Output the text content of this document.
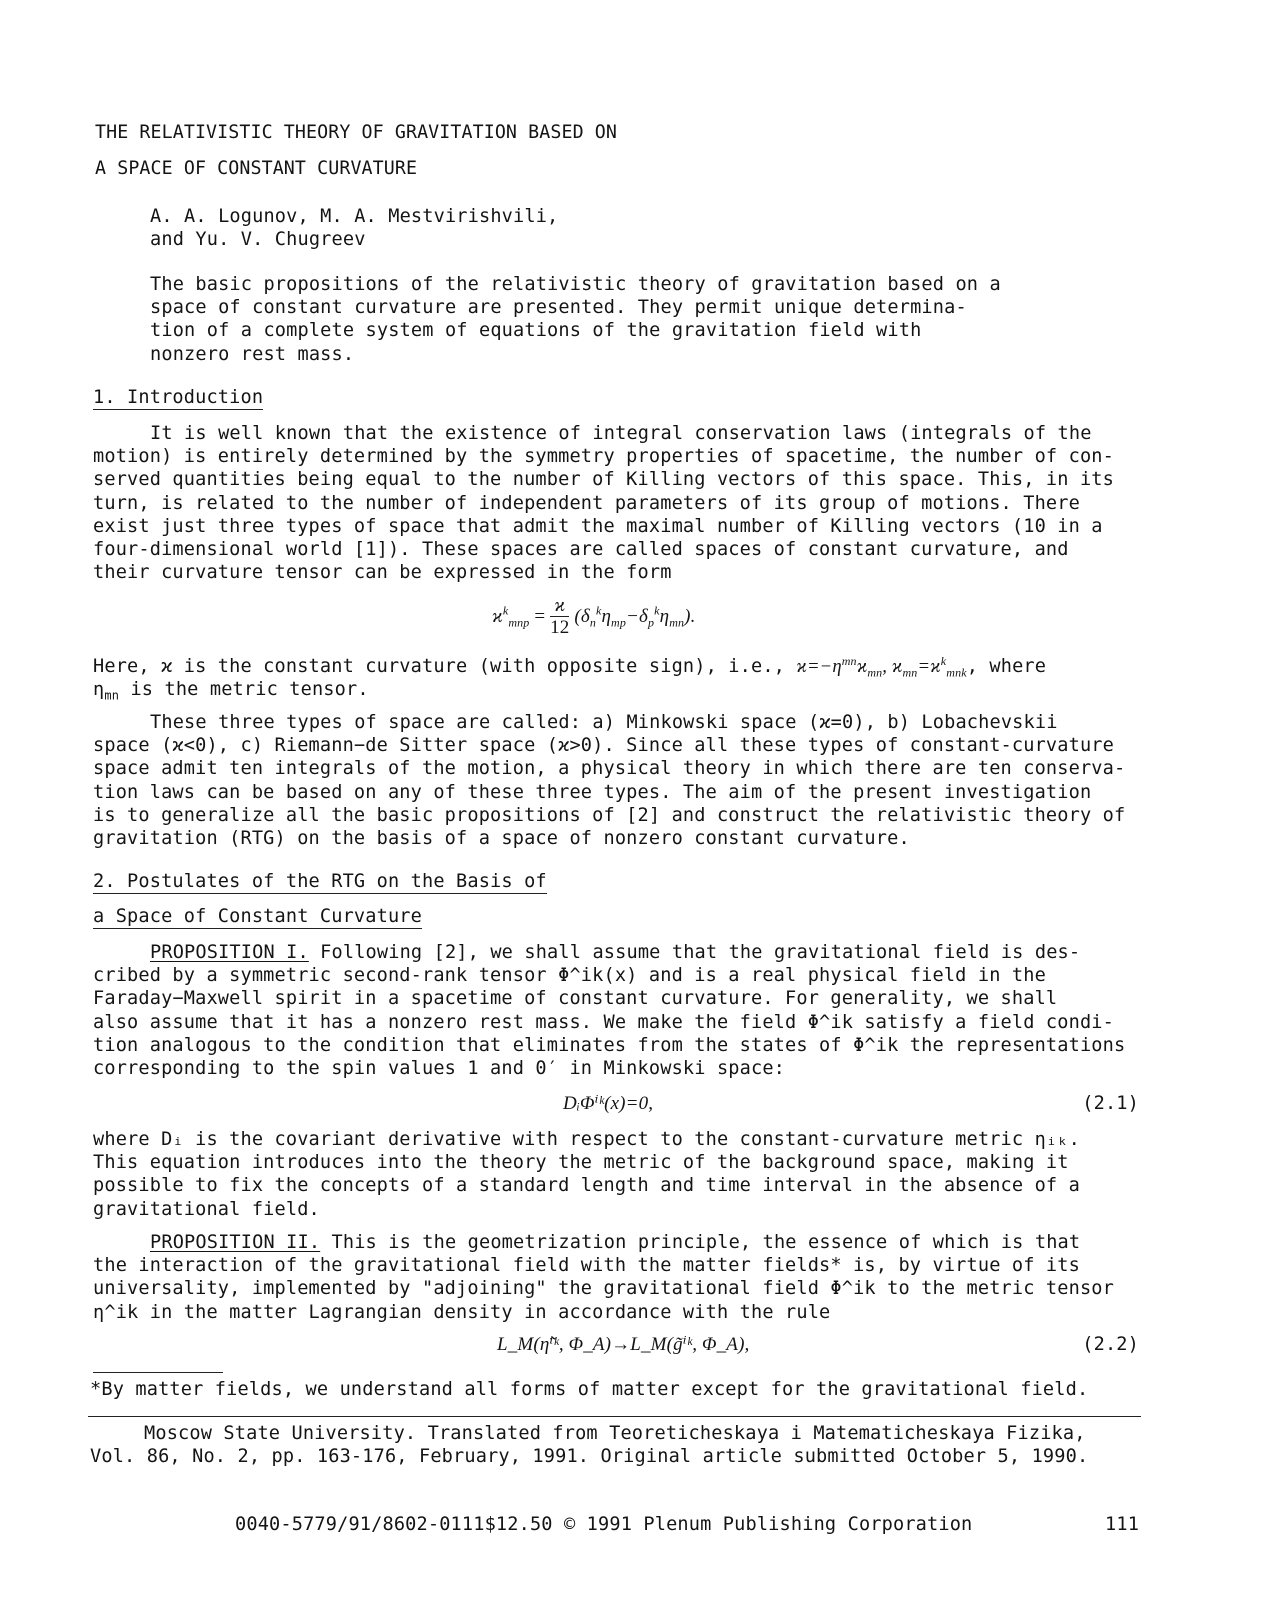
THE RELATIVISTIC THEORY OF GRAVITATION BASED ON
A SPACE OF CONSTANT CURVATURE
A. A. Logunov, M. A. Mestvirishvili,
and Yu. V. Chugreev
The basic propositions of the relativistic theory of gravitation based on a
space of constant curvature are presented. They permit unique determina-
tion of a complete system of equations of the gravitation field with
nonzero rest mass.
1. Introduction
It is well known that the existence of integral conservation laws (integrals of the
motion) is entirely determined by the symmetry properties of spacetime, the number of con-
served quantities being equal to the number of Killing vectors of this space. This, in its
turn, is related to the number of independent parameters of its group of motions. There
exist just three types of space that admit the maximal number of Killing vectors (10 in a
four-dimensional world [1]). These spaces are called spaces of constant curvature, and
their curvature tensor can be expressed in the form
$ϰ^k_{mnp} = \frac{ϰ}{12} (\delta_n^k\eta_{mp}-\delta_p^k\eta_{mn})$.
Here, ϰ is the constant curvature (with opposite sign), i.e., $ϰ=-\eta^{mn}ϰ_{mn}$, $ϰ_{mn}=ϰ^k_{mnk}$, where
$\eta_{mn}$ is the metric tensor.
These three types of space are called: a) Minkowski space (ϰ=0), b) Lobachevskii
space (ϰ<0), c) Riemann−de Sitter space (ϰ>0). Since all these types of constant-curvature
space admit ten integrals of the motion, a physical theory in which there are ten conserva-
tion laws can be based on any of these three types. The aim of the present investigation
is to generalize all the basic propositions of [2] and construct the relativistic theory of
gravitation (RTG) on the basis of a space of nonzero constant curvature.
2. Postulates of the RTG on the Basis of
a Space of Constant Curvature
PROPOSITION I. Following [2], we shall assume that the gravitational field is des-
cribed by a symmetric second-rank tensor Φ^ik(x) and is a real physical field in the
Faraday−Maxwell spirit in a spacetime of constant curvature. For generality, we shall
also assume that it has a nonzero rest mass. We make the field Φ^ik satisfy a field condi-
tion analogous to the condition that eliminates from the states of Φ^ik the representations
corresponding to the spin values 1 and 0′ in Minkowski space:
DᵢΦⁱᵏ(x)=0,	(2.1)
where Dᵢ is the covariant derivative with respect to the constant-curvature metric ηᵢₖ.
This equation introduces into the theory the metric of the background space, making it
possible to fix the concepts of a standard length and time interval in the absence of a
gravitational field.
PROPOSITION II. This is the geometrization principle, the essence of which is that
the interaction of the gravitational field with the matter fields* is, by virtue of its
universality, implemented by "adjoining" the gravitational field Φ^ik to the metric tensor
η^ik in the matter Lagrangian density in accordance with the rule
L_M(η̃ⁱᵏ, Φ_A)→L_M(g̃ⁱᵏ, Φ_A),	(2.2)
*By matter fields, we understand all forms of matter except for the gravitational field.
Moscow State University. Translated from Teoreticheskaya i Matematicheskaya Fizika,
Vol. 86, No. 2, pp. 163-176, February, 1991. Original article submitted October 5, 1990.
0040-5779/91/8602-0111$12.50 © 1991 Plenum Publishing Corporation	111
